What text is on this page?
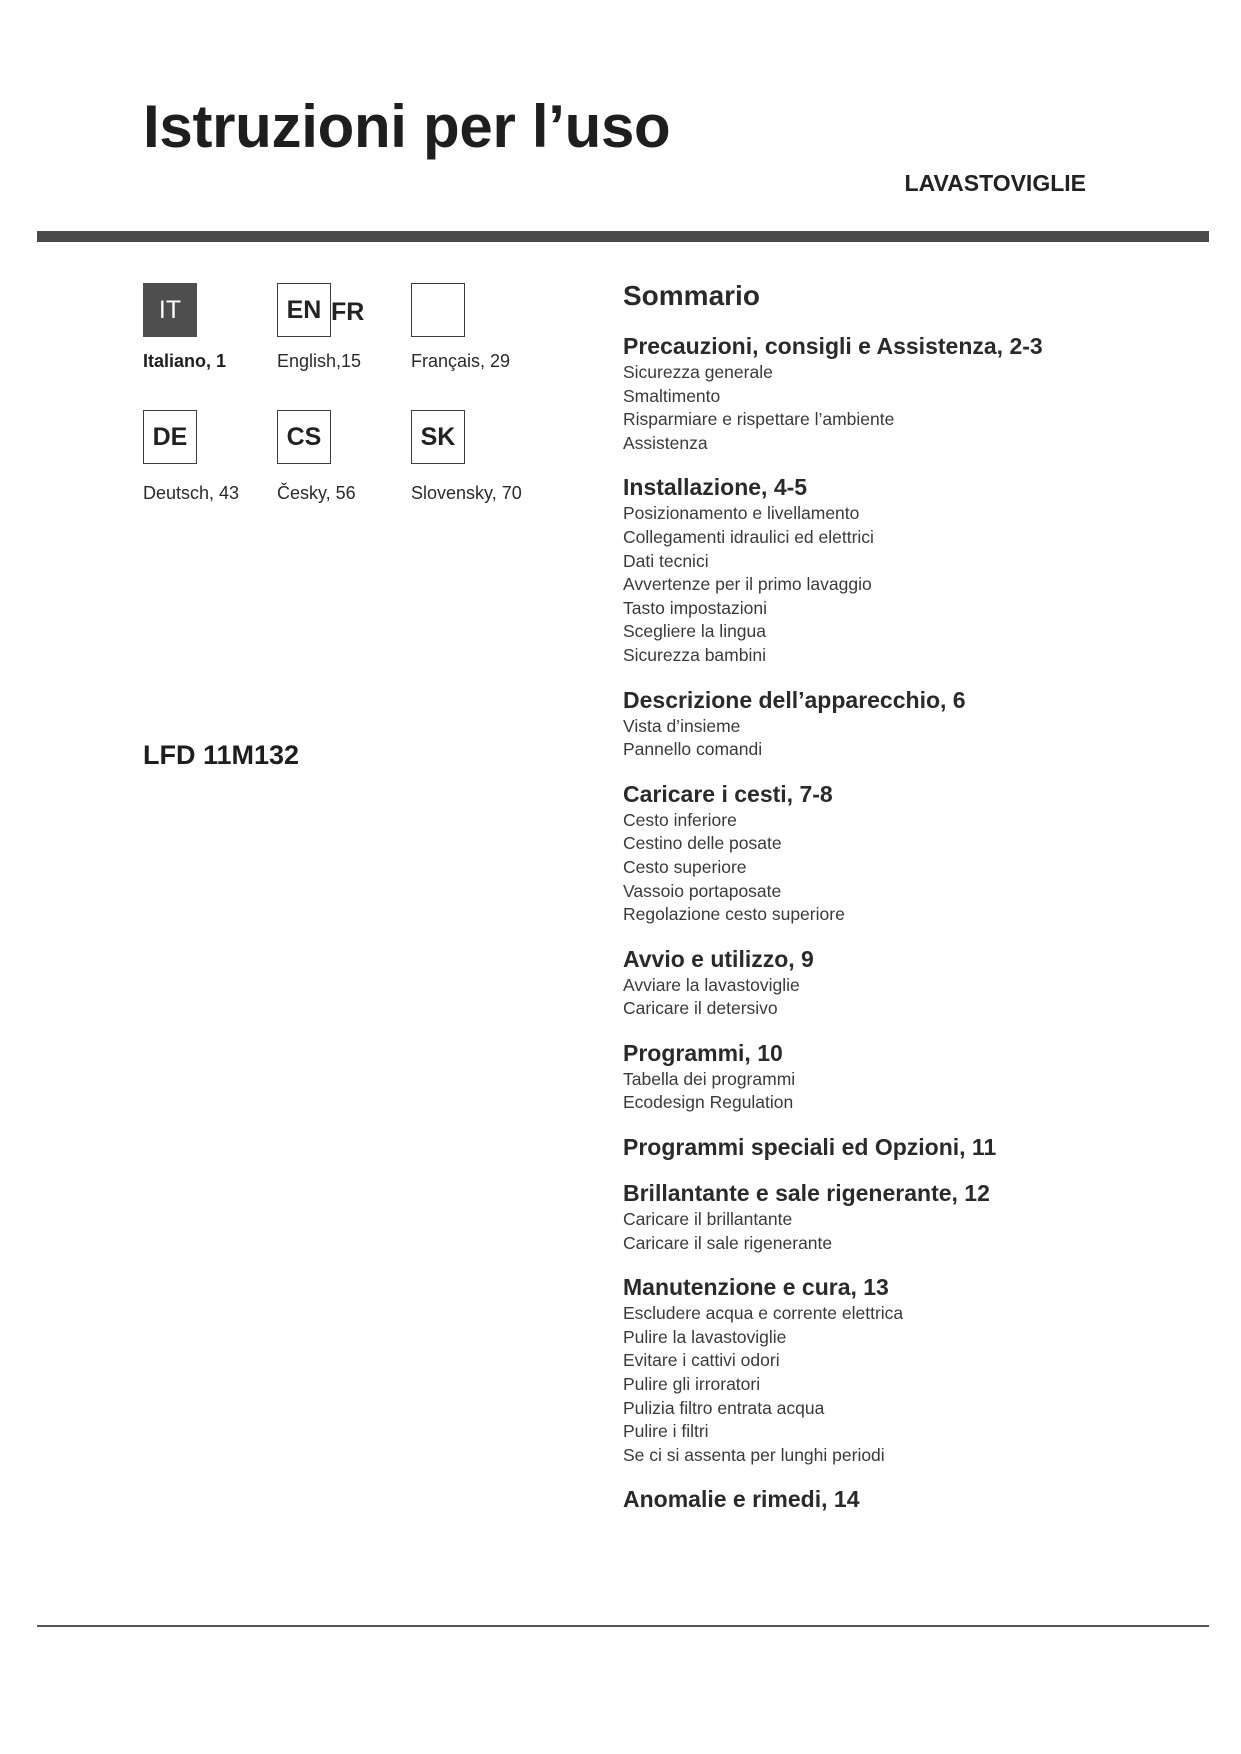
Istruzioni per l’uso
LAVASTOVIGLIE
IT	EN FR
Italiano, 1	English,15	Français, 29
DE	CS	SK
Deutsch, 43 Česky, 56	Slovensky, 70
LFD 11M132
Sommario
Precauzioni, consigli e Assistenza, 2-3
Sicurezza generale
Smaltimento
Risparmiare e rispettare l’ambiente
Assistenza
Installazione, 4-5
Posizionamento e livellamento
Collegamenti idraulici ed elettrici
Dati tecnici
Avvertenze per il primo lavaggio
Tasto impostazioni
Scegliere la lingua
Sicurezza bambini
Descrizione dell’apparecchio, 6
Vista d’insieme
Pannello comandi
Caricare i cesti, 7-8
Cesto inferiore
Cestino delle posate
Cesto superiore
Vassoio portaposate
Regolazione cesto superiore
Avvio e utilizzo, 9
Avviare la lavastoviglie
Caricare il detersivo
Programmi, 10
Tabella dei programmi
Ecodesign Regulation
Programmi speciali ed Opzioni, 11
Brillantante e sale rigenerante, 12
Caricare il brillantante
Caricare il sale rigenerante
Manutenzione e cura, 13
Escludere acqua e corrente elettrica
Pulire la lavastoviglie
Evitare i cattivi odori
Pulire gli irroratori
Pulizia filtro entrata acqua
Pulire i filtri
Se ci si assenta per lunghi periodi
Anomalie e rimedi, 14
